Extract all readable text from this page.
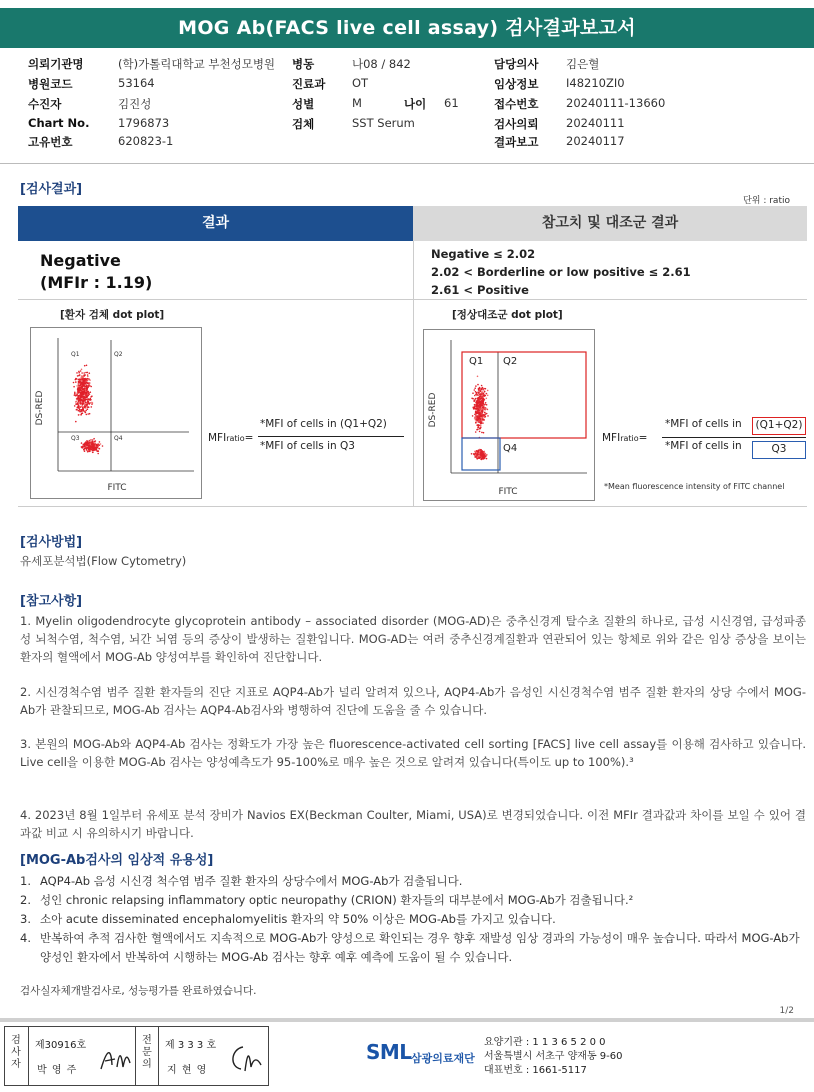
MOG Ab(FACS live cell assay) 검사결과보고서
의뢰기관명	(학)가톨릭대학교 부천성모병원 병동	나08 / 842	담당의사 김은혈
병원코드	53164	진료과 OT	임상정보 I48210ZI0
수진자	김진성	성별	M	나이 61	접수번호 20240111-13660
Chart No. 1796873	검체	SST Serum	검사의뢰 20240111
고유번호	620823-1	결과보고 20240117
[검사결과]
단위 : ratio
결과	참고치 및 대조군 결과
Negative
(MFIr : 1.19)
Negative ≤ 2.02
2.02 < Borderline or low positive ≤ 2.61
2.61 < Positive
[환자 검체 dot plot]	[정상대조군 dot plot]
DS-RED
FITC
Q1	Q2
Q3	Q4	MFIratio=
*MFI of cells in (Q1+Q2)
*MFI of cells in Q3
DS-RED
FITC
Q1 Q2
Q4
MFIratio=
*MFI of cells in	(Q1+Q2)
*MFI of cells in	Q3
*Mean fluorescence intensity of FITC channel
[검사방법]
유세포분석법(Flow Cytometry)
[참고사항]
1. Myelin oligodendrocyte glycoprotein antibody – associated disorder (MOG-AD)은 중추신경계 탈수초 질환의 하나로, 급성 시신경염, 급성파종성 뇌척수염, 척수염, 뇌간 뇌염 등의 증상이 발생하는 질환입니다. MOG-AD는 여러 중추신경계질환과 연관되어 있는 항체로 위와 같은 임상 증상을 보이는 환자의 혈액에서 MOG-Ab 양성여부를 확인하여 진단합니다.
2. 시신경척수염 범주 질환 환자들의 진단 지표로 AQP4-Ab가 널리 알려져 있으나, AQP4-Ab가 음성인 시신경척수염 범주 질환 환자의 상당 수에서 MOG-Ab가 관찰되므로, MOG-Ab 검사는 AQP4-Ab검사와 병행하여 진단에 도움을 줄 수 있습니다.
3. 본원의 MOG-Ab와 AQP4-Ab 검사는 정확도가 가장 높은 fluorescence-activated cell sorting [FACS] live cell assay를 이용해 검사하고 있습니다. Live cell을 이용한 MOG-Ab 검사는 양성예측도가 95-100%로 매우 높은 것으로 알려져 있습니다(특이도 up to 100%).³
4. 2023년 8월 1일부터 유세포 분석 장비가 Navios EX(Beckman Coulter, Miami, USA)로 변경되었습니다. 이전 MFIr 결과값과 차이를 보일 수 있어 결과값 비교 시 유의하시기 바랍니다.
[MOG-Ab검사의 임상적 유용성]
1. AQP4-Ab 음성 시신경 척수염 범주 질환 환자의 상당수에서 MOG-Ab가 검출됩니다.
2. 성인 chronic relapsing inflammatory optic neuropathy (CRION) 환자들의 대부분에서 MOG-Ab가 검출됩니다.²
3. 소아 acute disseminated encephalomyelitis 환자의 약 50% 이상은 MOG-Ab를 가지고 있습니다.
4. 반복하여 추적 검사한 혈액에서도 지속적으로 MOG-Ab가 양성으로 확인되는 경우 향후 재발성 임상 경과의 가능성이 매우 높습니다. 따라서 MOG-Ab가 양성인 환자에서 반복하여 시행하는 MOG-Ab 검사는 향후 예후 예측에 도움이 될 수 있습니다.
검사실자체개발검사로, 성능평가를 완료하였습니다.
1/2
검사자
제30916호
박 영 주
전문의
제 3 3 3 호
지 현 영
SML 삼광의료재단
요양기관 : 1 1 3 6 5 2 0 0
서울특별시 서초구 양재동 9-60
대표번호 : 1661-5117
